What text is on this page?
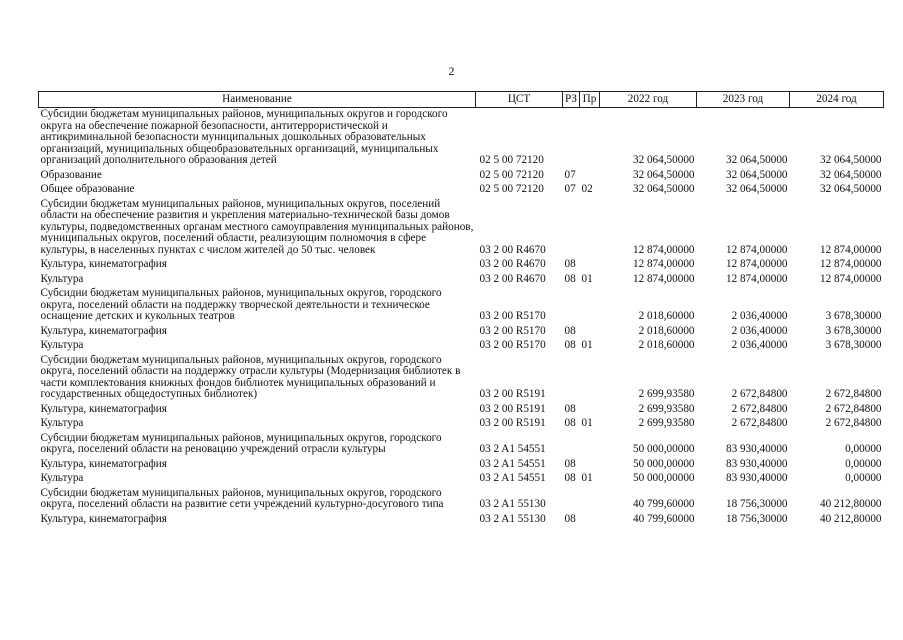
2
Наименование	ЦСТ	РЗ	Пр	2022 год	2023 год	2024 год
Субсидии бюджетам муниципальных районов, муниципальных округов и городского округа на обеспечение пожарной безопасности, антитеррористической и антикриминальной безопасности муниципальных дошкольных образовательных организаций, муниципальных общеобразовательных организаций, муниципальных организаций дополнительного образования детей	02 5 00 72120			32 064,50000	32 064,50000	32 064,50000
Образование	02 5 00 72120	07		32 064,50000	32 064,50000	32 064,50000
Общее образование	02 5 00 72120	07	02	32 064,50000	32 064,50000	32 064,50000
Субсидии бюджетам муниципальных районов, муниципальных округов, поселений области на обеспечение развития и укрепления материально-технической базы домов культуры, подведомственных органам местного самоуправления муниципальных районов, муниципальных округов, поселений области, реализующим полномочия в сфере культуры, в населенных пунктах с числом жителей до 50 тыс. человек	03 2 00 R4670			12 874,00000	12 874,00000	12 874,00000
Культура, кинематография	03 2 00 R4670	08		12 874,00000	12 874,00000	12 874,00000
Культура	03 2 00 R4670	08	01	12 874,00000	12 874,00000	12 874,00000
Субсидии бюджетам муниципальных районов, муниципальных округов, городского округа, поселений области на поддержку творческой деятельности и техническое оснащение детских и кукольных театров	03 2 00 R5170			2 018,60000	2 036,40000	3 678,30000
Культура, кинематография	03 2 00 R5170	08		2 018,60000	2 036,40000	3 678,30000
Культура	03 2 00 R5170	08	01	2 018,60000	2 036,40000	3 678,30000
Субсидии бюджетам муниципальных районов, муниципальных округов, городского округа, поселений области на поддержку отрасли культуры (Модернизация библиотек в части комплектования книжных фондов библиотек муниципальных образований и государственных общедоступных библиотек)	03 2 00 R5191			2 699,93580	2 672,84800	2 672,84800
Культура, кинематография	03 2 00 R5191	08		2 699,93580	2 672,84800	2 672,84800
Культура	03 2 00 R5191	08	01	2 699,93580	2 672,84800	2 672,84800
Субсидии бюджетам муниципальных районов, муниципальных округов, городского округа, поселений области на реновацию учреждений отрасли культуры	03 2 A1 54551			50 000,00000	83 930,40000	0,00000
Культура, кинематография	03 2 A1 54551	08		50 000,00000	83 930,40000	0,00000
Культура	03 2 A1 54551	08	01	50 000,00000	83 930,40000	0,00000
Субсидии бюджетам муниципальных районов, муниципальных округов, городского округа, поселений области на развитие сети учреждений культурно-досугового типа	03 2 A1 55130			40 799,60000	18 756,30000	40 212,80000
Культура, кинематография	03 2 A1 55130	08		40 799,60000	18 756,30000	40 212,80000
